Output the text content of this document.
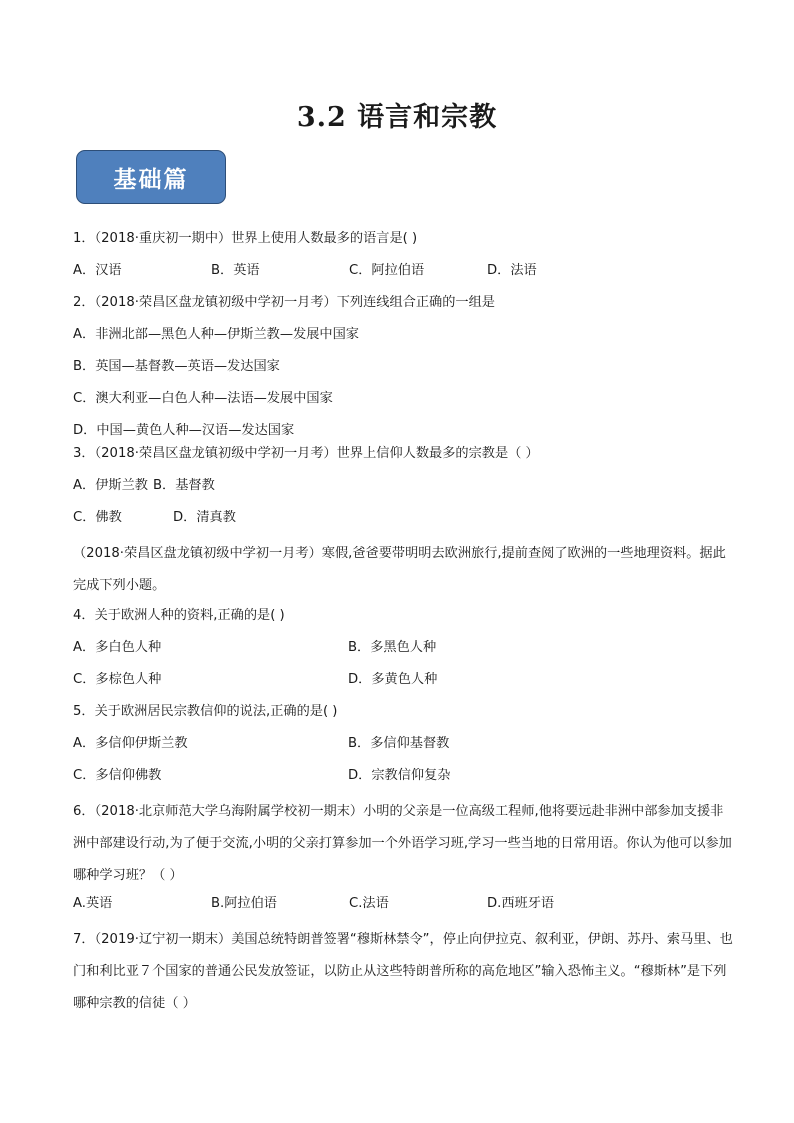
3.2 语言和宗教
基础篇
1．（2018·重庆初一期中）世界上使用人数最多的语言是( )
A．汉语	B．英语	C．阿拉伯语	D．法语
2．（2018·荣昌区盘龙镇初级中学初一月考）下列连线组合正确的一组是
A．非洲北部—黑色人种—伊斯兰教—发展中国家
B．英国—基督教—英语—发达国家
C．澳大利亚—白色人种—法语—发展中国家
D．中国—黄色人种—汉语—发达国家
3．（2018·荣昌区盘龙镇初级中学初一月考）世界上信仰人数最多的宗教是（ ）
A．伊斯兰教 B．基督教
C．佛教	D．清真教
（2018·荣昌区盘龙镇初级中学初一月考）寒假,爸爸要带明明去欧洲旅行,提前查阅了欧洲的一些地理资料。据此完成下列小题。
4．关于欧洲人种的资料,正确的是( )
A．多白色人种	B．多黑色人种
C．多棕色人种	D．多黄色人种
5．关于欧洲居民宗教信仰的说法,正确的是( )
A．多信仰伊斯兰教	B．多信仰基督教
C．多信仰佛教	D．宗教信仰复杂
6．（2018·北京师范大学乌海附属学校初一期末）小明的父亲是一位高级工程师,他将要远赴非洲中部参加支援非洲中部建设行动,为了便于交流,小明的父亲打算参加一个外语学习班,学习一些当地的日常用语。你认为他可以参加哪种学习班？（ ）
A.英语	B.阿拉伯语	C.法语	D.西班牙语
7．（2019·辽宁初一期末）美国总统特朗普签署“穆斯林禁令”，停止向伊拉克、叙利亚，伊朗、苏丹、索马里、也门和利比亚７个国家的普通公民发放签证，以防止从这些特朗普所称的高危地区”输入恐怖主义。“穆斯林”是下列哪种宗教的信徒（ ）
